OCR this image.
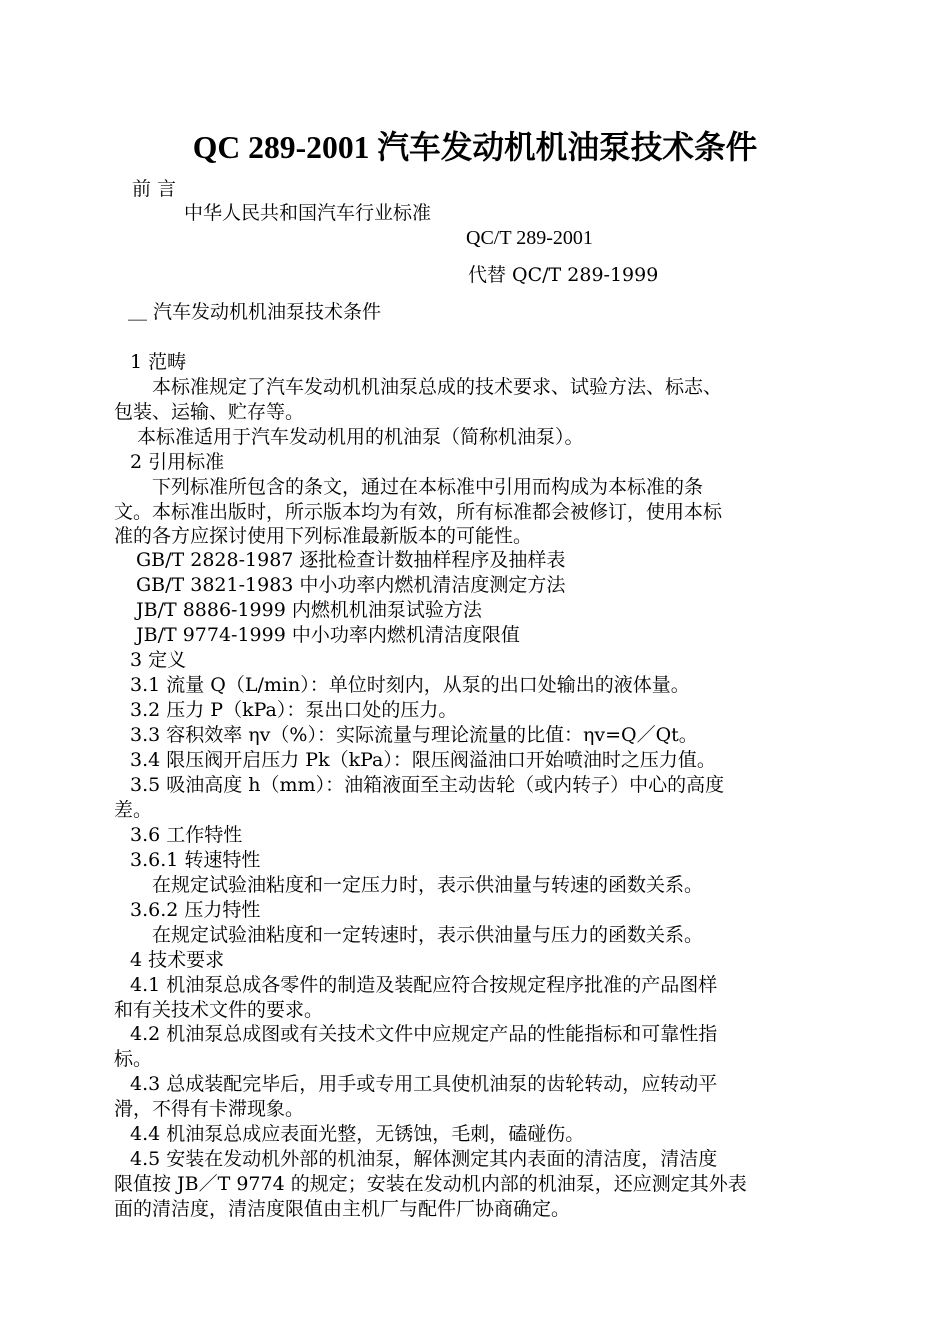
QC 289-2001 汽车发动机机油泵技术条件
前 言
中华人民共和国汽车行业标准
QC/T 289-2001
代替 QC/T 289-1999
＿ 汽车发动机机油泵技术条件
1 范畴
本标准规定了汽车发动机机油泵总成的技术要求、试验方法、标志、
包装、运输、贮存等。
本标准适用于汽车发动机用的机油泵（简称机油泵）。
2 引用标准
下列标准所包含的条文，通过在本标准中引用而构成为本标准的条
文。本标准出版时，所示版本均为有效，所有标准都会被修订，使用本标
准的各方应探讨使用下列标准最新版本的可能性。
GB/T 2828-1987 逐批检查计数抽样程序及抽样表
GB/T 3821-1983 中小功率内燃机清洁度测定方法
JB/T 8886-1999 内燃机机油泵试验方法
JB/T 9774-1999 中小功率内燃机清洁度限值
3 定义
3.1 流量 Q（L/min）：单位时刻内，从泵的出口处输出的液体量。
3.2 压力 P（kPa）：泵出口处的压力。
3.3 容积效率 ηv（%）：实际流量与理论流量的比值：ηv=Q／Qt。
3.4 限压阀开启压力 Pk（kPa）：限压阀溢油口开始喷油时之压力值。
3.5 吸油高度 h（mm）：油箱液面至主动齿轮（或内转子）中心的高度
差。
3.6 工作特性
3.6.1 转速特性
在规定试验油粘度和一定压力时，表示供油量与转速的函数关系。
3.6.2 压力特性
在规定试验油粘度和一定转速时，表示供油量与压力的函数关系。
4 技术要求
4.1 机油泵总成各零件的制造及装配应符合按规定程序批准的产品图样
和有关技术文件的要求。
4.2 机油泵总成图或有关技术文件中应规定产品的性能指标和可靠性指
标。
4.3 总成装配完毕后，用手或专用工具使机油泵的齿轮转动，应转动平
滑，不得有卡滞现象。
4.4 机油泵总成应表面光整，无锈蚀，毛刺，磕碰伤。
4.5 安装在发动机外部的机油泵，解体测定其内表面的清洁度，清洁度
限值按 JB／T 9774 的规定；安装在发动机内部的机油泵，还应测定其外表
面的清洁度，清洁度限值由主机厂与配件厂协商确定。
